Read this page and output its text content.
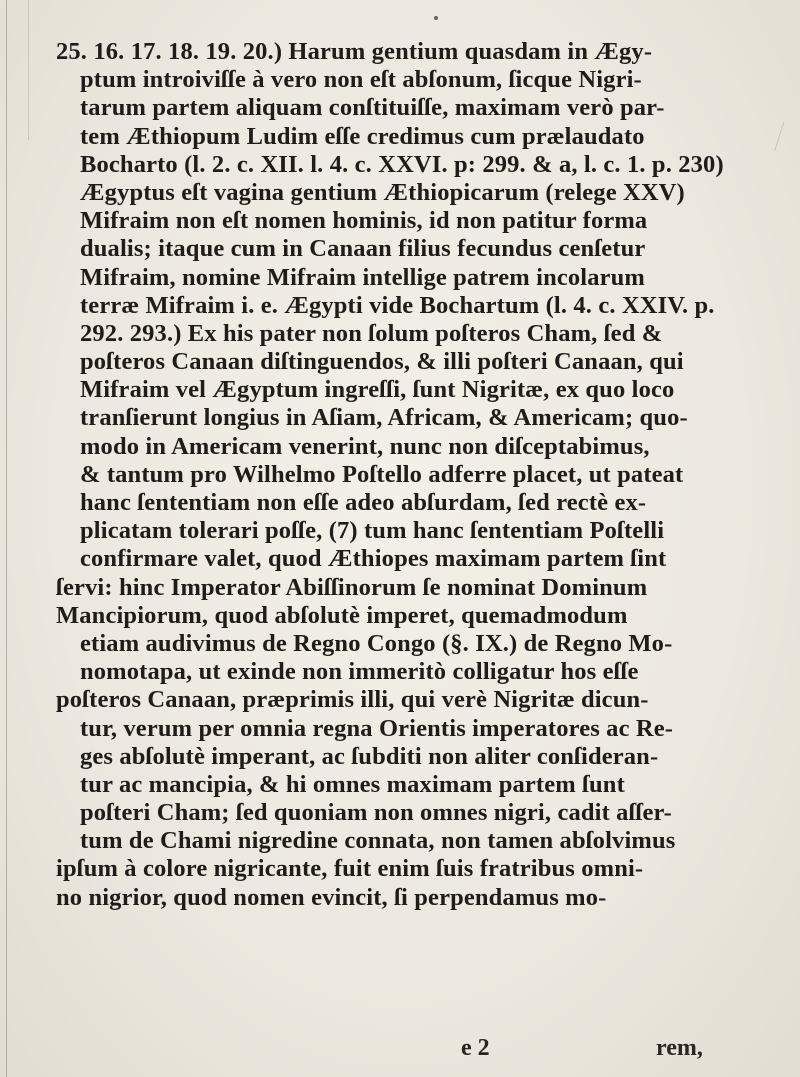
25. 16. 17. 18. 19. 20.) Harum gentium quasdam in Ægy-
ptum introiviſſe à vero non eſt abſonum, ſicque Nigri-
tarum partem aliquam conſtituiſſe, maximam verò par-
tem Æthiopum Ludim eſſe credimus cum prælaudato
Bocharto (l. 2. c. XII. l. 4. c. XXVI. p: 299. & a, l. c. 1. p. 230)
Ægyptus eſt vagina gentium Æthiopicarum (relege XXV)
Mifraim non eſt nomen hominis, id non patitur forma
dualis; itaque cum in Canaan filius fecundus cenſetur
Mifraim, nomine Mifraim intellige patrem incolarum
terræ Mifraim i. e. Ægypti vide Bochartum (l. 4. c. XXIV. p.
292. 293.) Ex his pater non ſolum poſteros Cham, ſed &
poſteros Canaan diſtinguendos, & illi poſteri Canaan, qui
Mifraim vel Ægyptum ingreſſi, ſunt Nigritæ, ex quo loco
tranſierunt longius in Aſiam, Africam, & Americam; quo-
modo in Americam venerint, nunc non diſceptabimus,
& tantum pro Wilhelmo Poſtello adferre placet, ut pateat
hanc ſententiam non eſſe adeo abſurdam, ſed rectè ex-
plicatam tolerari poſſe, (7) tum hanc ſententiam Poſtelli
confirmare valet, quod Æthiopes maximam partem ſint
ſervi: hinc Imperator Abiſſinorum ſe nominat Dominum
Mancipiorum, quod abſolutè imperet, quemadmodum
etiam audivimus de Regno Congo (§. IX.) de Regno Mo-
nomotapa, ut exinde non immeritò colligatur hos eſſe
poſteros Canaan, præprimis illi, qui verè Nigritæ dicun-
tur, verum per omnia regna Orientis imperatores ac Re-
ges abſolutè imperant, ac ſubditi non aliter conſideran-
tur ac mancipia, & hi omnes maximam partem ſunt
poſteri Cham; ſed quoniam non omnes nigri, cadit aſſer-
tum de Chami nigredine connata, non tamen abſolvimus
ipſum à colore nigricante, fuit enim ſuis fratribus omni-
no nigrior, quod nomen evincit, ſi perpendamus mo-
e 2	rem,
